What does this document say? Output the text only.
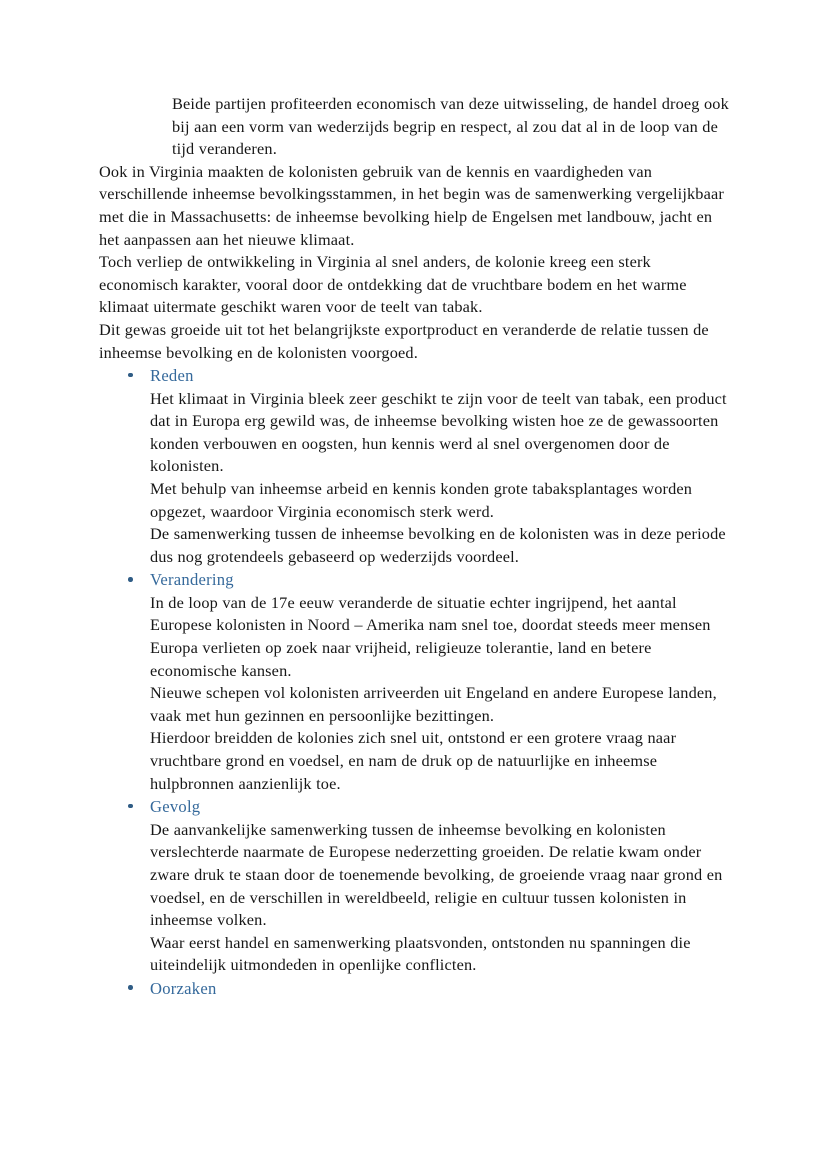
Beide partijen profiteerden economisch van deze uitwisseling, de handel droeg ook bij aan een vorm van wederzijds begrip en respect, al zou dat al in de loop van de tijd veranderen.

Ook in Virginia maakten de kolonisten gebruik van de kennis en vaardigheden van verschillende inheemse bevolkingsstammen, in het begin was de samenwerking vergelijkbaar met die in Massachusetts: de inheemse bevolking hielp de Engelsen met landbouw, jacht en het aanpassen aan het nieuwe klimaat.

Toch verliep de ontwikkeling in Virginia al snel anders, de kolonie kreeg een sterk economisch karakter, vooral door de ontdekking dat de vruchtbare bodem en het warme klimaat uitermate geschikt waren voor de teelt van tabak.

Dit gewas groeide uit tot het belangrijkste exportproduct en veranderde de relatie tussen de inheemse bevolking en de kolonisten voorgoed.

Reden

Het klimaat in Virginia bleek zeer geschikt te zijn voor de teelt van tabak, een product dat in Europa erg gewild was, de inheemse bevolking wisten hoe ze de gewassoorten konden verbouwen en oogsten, hun kennis werd al snel overgenomen door de kolonisten.

Met behulp van inheemse arbeid en kennis konden grote tabaksplantages worden opgezet, waardoor Virginia economisch sterk werd.

De samenwerking tussen de inheemse bevolking en de kolonisten was in deze periode dus nog grotendeels gebaseerd op wederzijds voordeel.

Verandering

In de loop van de 17e eeuw veranderde de situatie echter ingrijpend, het aantal Europese kolonisten in Noord – Amerika nam snel toe, doordat steeds meer mensen Europa verlieten op zoek naar vrijheid, religieuze tolerantie, land en betere economische kansen.

Nieuwe schepen vol kolonisten arriveerden uit Engeland en andere Europese landen, vaak met hun gezinnen en persoonlijke bezittingen.

Hierdoor breidden de kolonies zich snel uit, ontstond er een grotere vraag naar vruchtbare grond en voedsel, en nam de druk op de natuurlijke en inheemse hulpbronnen aanzienlijk toe.

Gevolg

De aanvankelijke samenwerking tussen de inheemse bevolking en kolonisten verslechterde naarmate de Europese nederzetting groeiden. De relatie kwam onder zware druk te staan door de toenemende bevolking, de groeiende vraag naar grond en voedsel, en de verschillen in wereldbeeld, religie en cultuur tussen kolonisten in inheemse volken.

Waar eerst handel en samenwerking plaatsvonden, ontstonden nu spanningen die uiteindelijk uitmondeden in openlijke conflicten.

Oorzaken
